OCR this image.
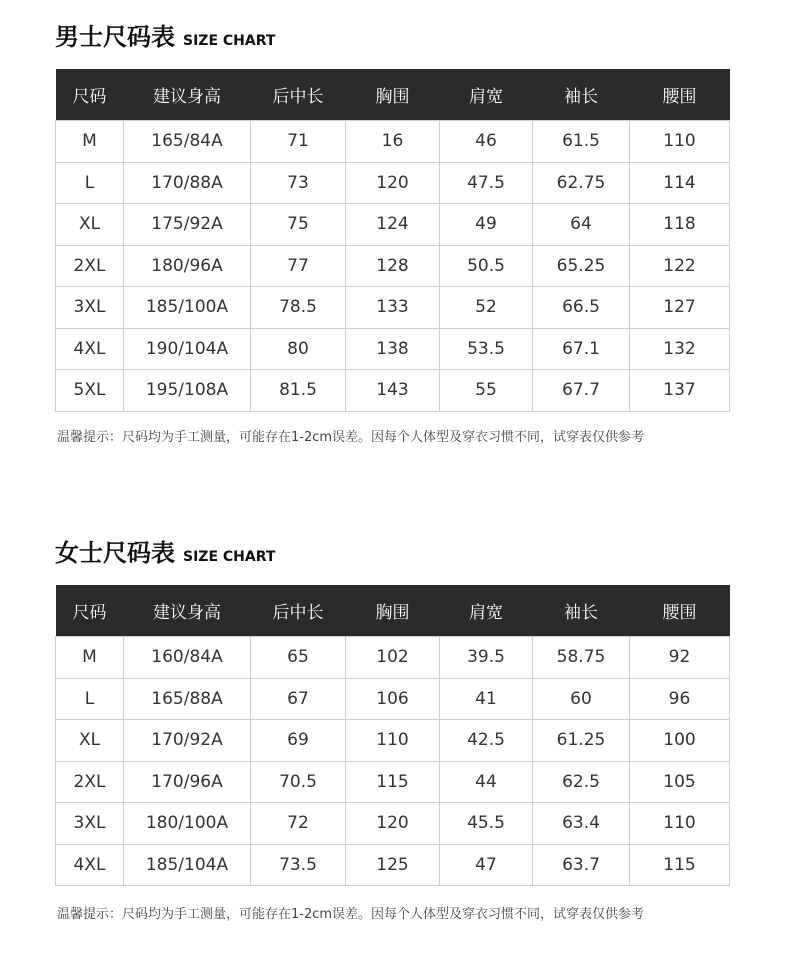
男士尺码表 SIZE CHART
尺码	建议身高	后中长	胸围	肩宽	袖长	腰围
M	165/84A	71	16	46	61.5	110
L	170/88A	73	120	47.5	62.75	114
XL	175/92A	75	124	49	64	118
2XL	180/96A	77	128	50.5	65.25	122
3XL	185/100A	78.5	133	52	66.5	127
4XL	190/104A	80	138	53.5	67.1	132
5XL	195/108A	81.5	143	55	67.7	137
温馨提示：尺码均为手工测量，可能存在1-2cm误差。因每个人体型及穿衣习惯不同，试穿表仅供参考
女士尺码表 SIZE CHART
尺码	建议身高	后中长	胸围	肩宽	袖长	腰围
M	160/84A	65	102	39.5	58.75	92
L	165/88A	67	106	41	60	96
XL	170/92A	69	110	42.5	61.25	100
2XL	170/96A	70.5	115	44	62.5	105
3XL	180/100A	72	120	45.5	63.4	110
4XL	185/104A	73.5	125	47	63.7	115
温馨提示：尺码均为手工测量，可能存在1-2cm误差。因每个人体型及穿衣习惯不同，试穿表仅供参考
